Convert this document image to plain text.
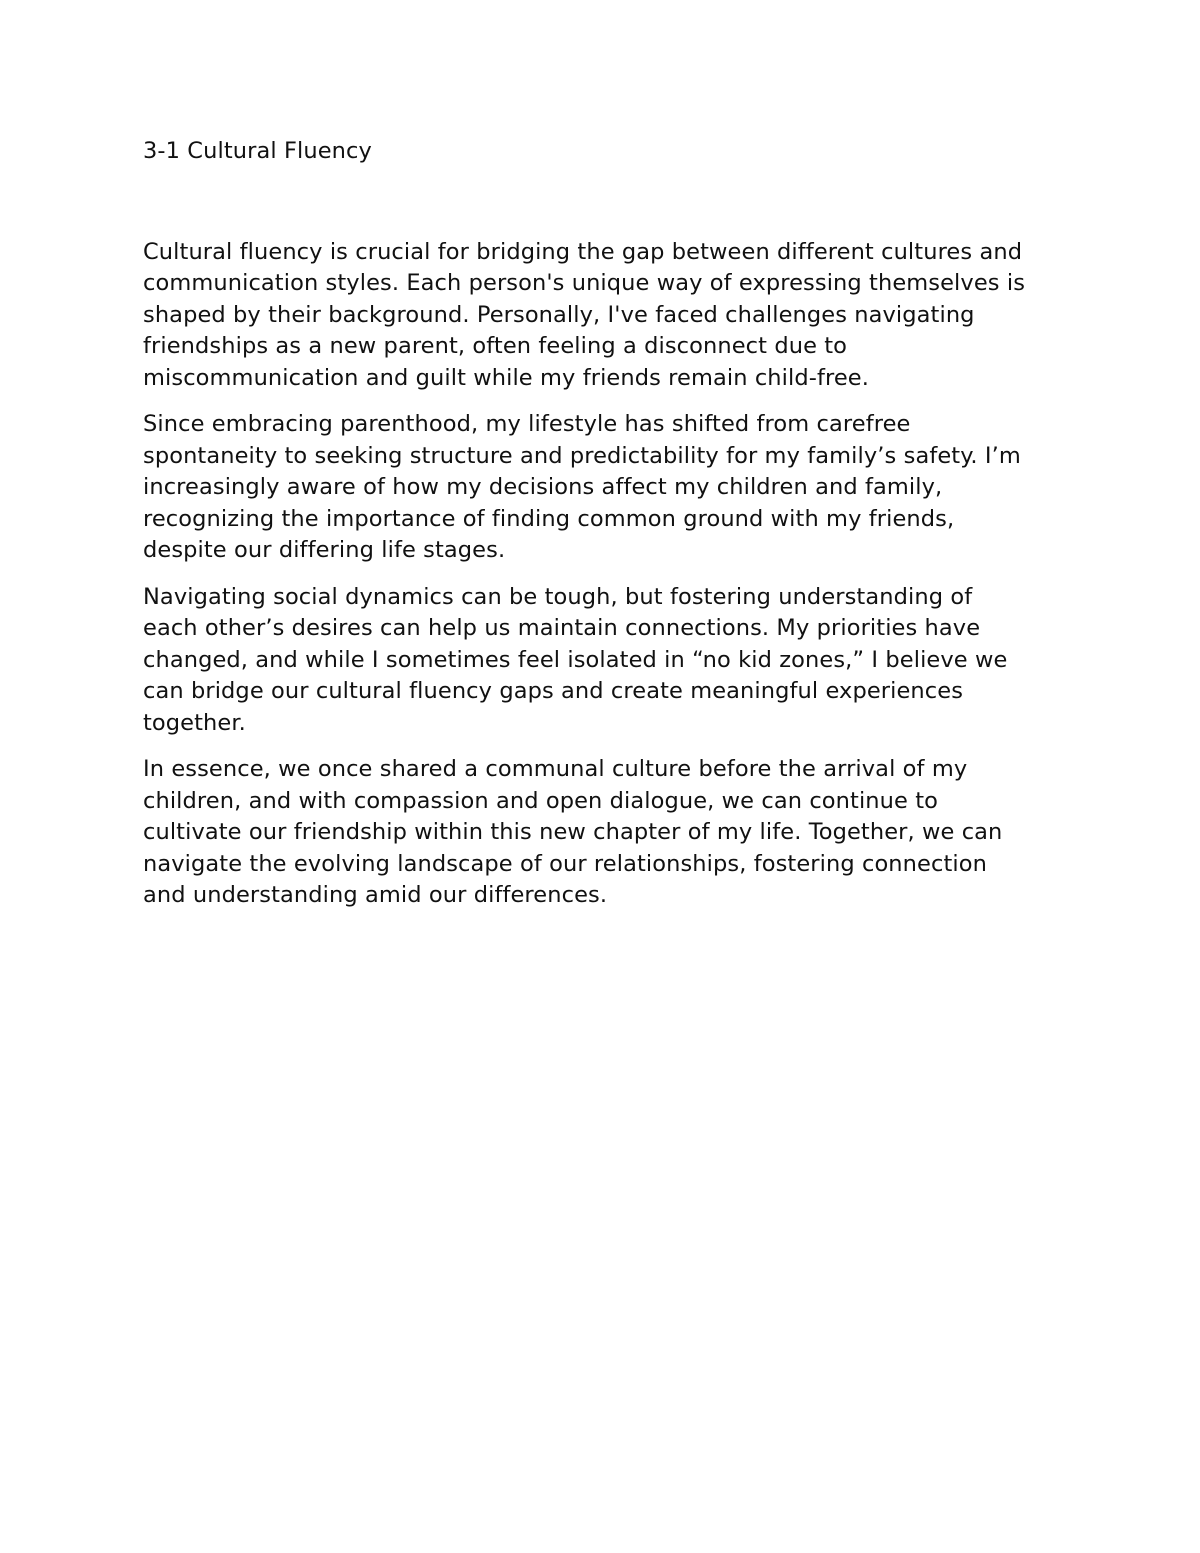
3-1 Cultural Fluency

Cultural fluency is crucial for bridging the gap between different cultures and
communication styles. Each person's unique way of expressing themselves is
shaped by their background. Personally, I've faced challenges navigating
friendships as a new parent, often feeling a disconnect due to
miscommunication and guilt while my friends remain child-free.

Since embracing parenthood, my lifestyle has shifted from carefree
spontaneity to seeking structure and predictability for my family’s safety. I’m
increasingly aware of how my decisions affect my children and family,
recognizing the importance of finding common ground with my friends,
despite our differing life stages.

Navigating social dynamics can be tough, but fostering understanding of
each other’s desires can help us maintain connections. My priorities have
changed, and while I sometimes feel isolated in “no kid zones,” I believe we
can bridge our cultural fluency gaps and create meaningful experiences
together.

In essence, we once shared a communal culture before the arrival of my
children, and with compassion and open dialogue, we can continue to
cultivate our friendship within this new chapter of my life. Together, we can
navigate the evolving landscape of our relationships, fostering connection
and understanding amid our differences.
